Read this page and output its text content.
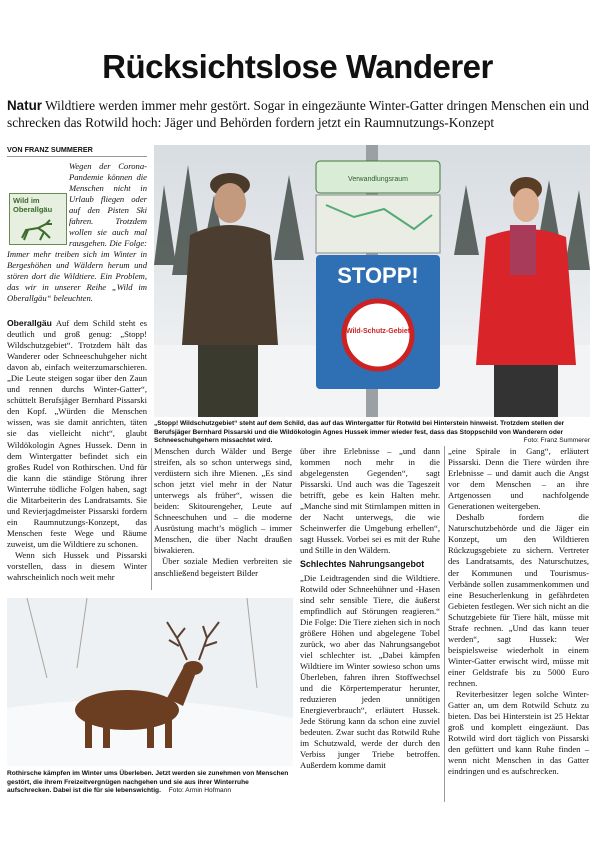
Rücksichtslose Wanderer
Natur Wildtiere werden immer mehr gestört. Sogar in eingezäunte Winter-Gatter dringen Menschen ein und schrecken das Rotwild hoch: Jäger und Behörden fordern jetzt ein Raumnutzungs-Konzept
VON FRANZ SUMMERER
Wild im
Oberallgäu
Wegen der Corona-Pandemie können die Menschen nicht in Urlaub fliegen oder auf den Pisten Ski fahren. Trotzdem wollen sie auch mal rausgehen. Die Folge: Immer mehr treiben sich im Winter in Bergeshöhen und Wäldern herum und stören dort die Wildtiere. Ein Problem, das wir in unserer Reihe „Wild im Oberallgäu“ beleuchten.

Oberallgäu Auf dem Schild steht es deutlich und groß genug: „Stopp! Wildschutzgebiet“. Trotzdem hält das Wanderer oder Schneeschuhgeher nicht davon ab, einfach weiterzumarschieren. „Die Leute steigen sogar über den Zaun und rennen durchs Winter-Gatter“, schüttelt Berufsjäger Bernhard Pissarski den Kopf. „Würden die Menschen wissen, was sie damit anrichten, täten sie das vielleicht nicht“, glaubt Wildökologin Agnes Hussek. Denn in dem Wintergatter befindet sich ein großes Rudel von Rothirschen. Und für die kann die ständige Störung ihrer Winterruhe tödliche Folgen haben, sagt die Mitarbeiterin des Landratsamts. Sie und Revierjagdmeister Pissarski fordern ein Raumnutzungs-Konzept, das Menschen feste Wege und Räume zuweist, um die Wildtiere zu schonen.

Wenn sich Hussek und Pissarski vorstellen, dass in diesem Winter wahrscheinlich noch weit mehr

Verwandlungsraum
STOPP!
Wild-Schutz-Gebiet
„Stopp! Wildschutzgebiet“ steht auf dem Schild, das auf das Wintergatter für Rotwild bei Hinterstein hinweist. Trotzdem stellen der Berufsjäger Bernhard Pissarski und die Wildökologin Agnes Hussek immer wieder fest, dass das Stoppschild von Wanderern oder Schneeschuhgehern missachtet wird.	Foto: Franz Summerer

Menschen durch Wälder und Berge streifen, als so schon unterwegs sind, verdüstern sich ihre Mienen. „Es sind schon jetzt viel mehr in der Natur unterwegs als früher“, wissen die beiden: Skitourengeher, Leute auf Schneeschuhen und – die moderne Ausrüstung macht’s möglich – immer Menschen, die über Nacht draußen biwakieren.

Über soziale Medien verbreiten sie anschließend begeistert Bilder

über ihre Erlebnisse – „und dann kommen noch mehr in die abgelegensten Gegenden“, sagt Pissarski. Und auch was die Tageszeit betrifft, gebe es kein Halten mehr. „Manche sind mit Stirnlampen mitten in der Nacht unterwegs, die wie Scheinwerfer die Umgebung erhellen“, sagt Hussek. Vorbei sei es mit der Ruhe und Stille in den Wäldern.

Schlechtes Nahrungsangebot

„Die Leidtragenden sind die Wildtiere. Rotwild oder Schneehühner und -Hasen sind sehr sensible Tiere, die äußerst empfindlich auf Störungen reagieren.“ Die Folge: Die Tiere ziehen sich in noch größere Höhen und abgelegene Tobel zurück, wo aber das Nahrungsangebot viel schlechter ist. „Dabei kämpfen Wildtiere im Winter sowieso schon ums Überleben, fahren ihren Stoffwechsel und die Körpertemperatur herunter, reduzieren jeden unnötigen Energieverbrauch“, erläutert Hussek. Jede Störung kann da schon eine zuviel bedeuten. Zwar sucht das Rotwild Ruhe im Schutzwald, werde der durch den Verbiss junger Triebe betroffen. Außerdem komme damit

„eine Spirale in Gang“, erläutert Pissarski. Denn die Tiere würden ihre Erlebnisse – und damit auch die Angst vor dem Menschen – an ihre Artgenossen und nachfolgende Generationen weitergeben.

Deshalb fordern die Naturschutzbehörde und die Jäger ein Konzept, um den Wildtieren Rückzugsgebiete zu sichern. Vertreter des Landratsamts, des Naturschutzes, der Kommunen und Tourismus-Verbände sollen zusammenkommen und eine Besucherlenkung in gefährdeten Gebieten festlegen. Wer sich nicht an die Schutzgebiete für Tiere hält, müsse mit Strafe rechnen. „Und das kann teuer werden“, sagt Hussek: Wer beispielsweise wiederholt in einem Winter-Gatter erwischt wird, müsse mit einer Geldstrafe bis zu 5000 Euro rechnen.

Reviterbesitzer legen solche Winter-Gatter an, um dem Rotwild Schutz zu bieten. Das bei Hinterstein ist 25 Hektar groß und komplett eingezäunt. Das Rotwild wird dort täglich von Pissarski den gefüttert und kann Ruhe finden – wenn nicht Menschen in das Gatter eindringen und es aufschrecken.

Rothirsche kämpfen im Winter ums Überleben. Jetzt werden sie zunehmen von Menschen gestört, die ihrem Freizeitvergnügen nachgehen und sie aus ihrer Winterruhe aufschrecken. Dabei ist die für sie lebenswichtig. Foto: Armin Hofmann
